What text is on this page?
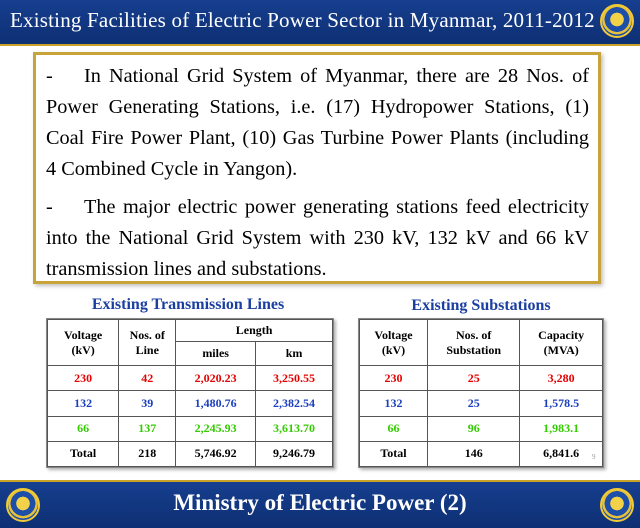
Existing Facilities of Electric Power Sector in Myanmar, 2011-2012

- In National Grid System of Myanmar, there are 28 Nos. of Power Generating Stations, i.e. (17) Hydropower Stations, (1) Coal Fire Power Plant, (10) Gas Turbine Power Plants (including 4 Combined Cycle in Yangon).

- The major electric power generating stations feed electricity into the National Grid System with 230 kV, 132 kV and 66 kV transmission lines and substations.

Existing Transmission Lines	Existing Substations
Voltage (kV)	Nos. of Line	Length	
		miles	km
230	42	2,020.23	3,250.55
132	39	1,480.76	2,382.54
66	137	2,245.93	3,613.70
Total	218	5,746.92	9,246.79
Voltage (kV)	Nos. of Substation	Capacity (MVA)
230	25	3,280
132	25	1,578.5
66	96	1,983.1
Total	146	6,841.6 9
Ministry of Electric Power (2)
